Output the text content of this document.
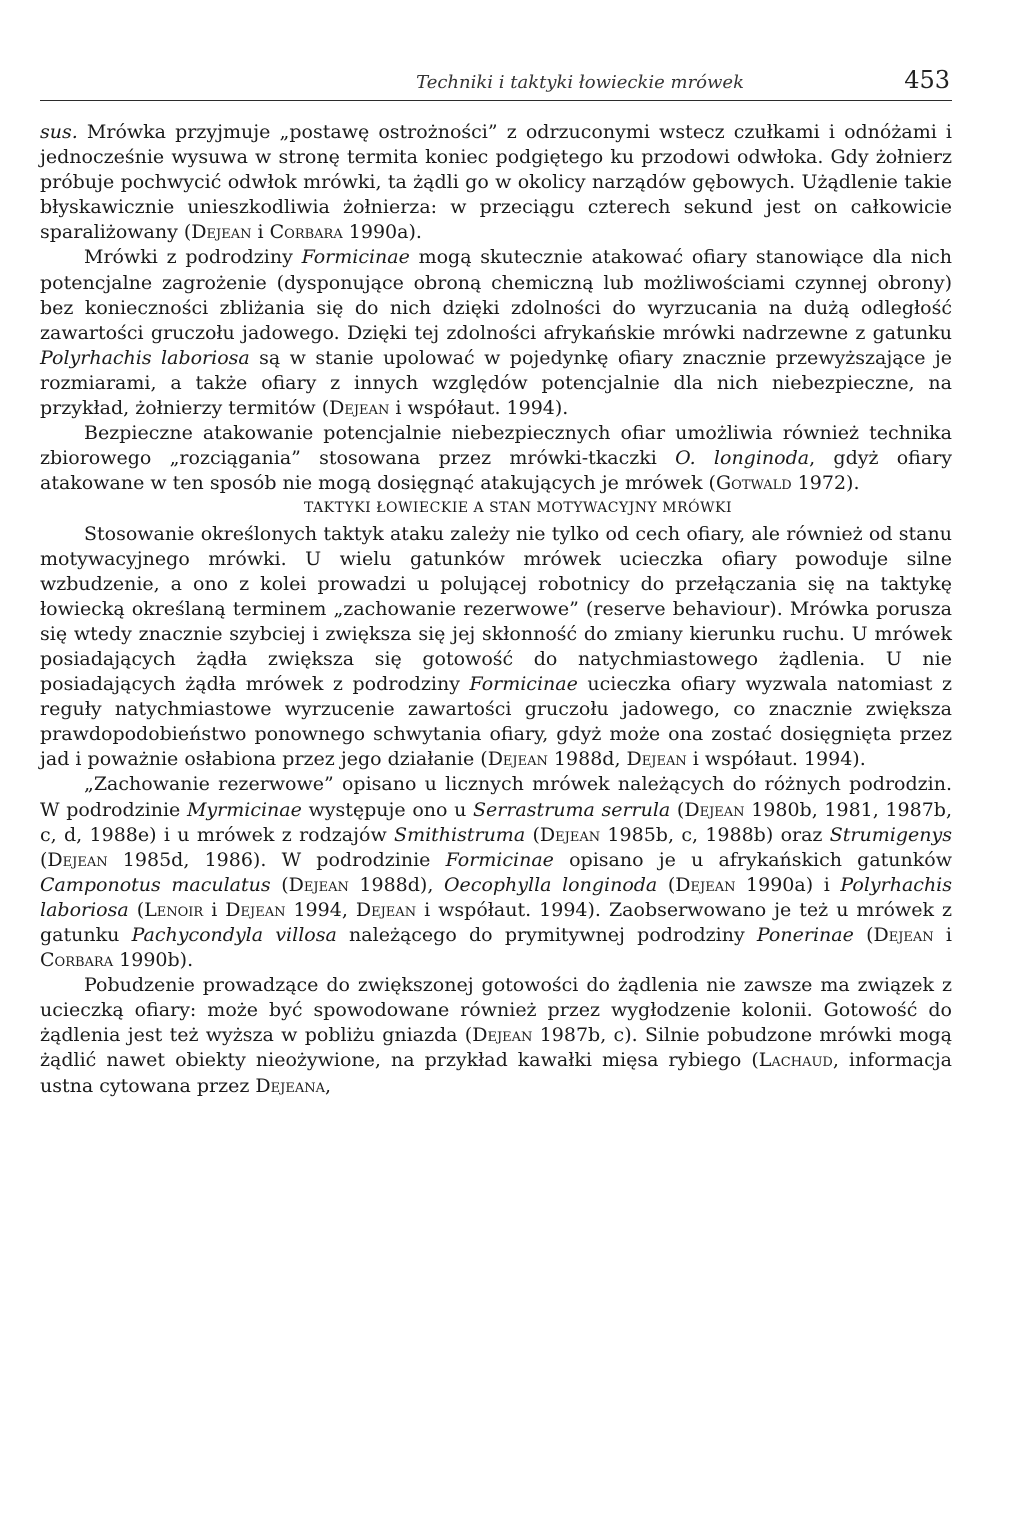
Techniki i taktyki łowieckie mrówek	453

sus. Mrówka przyjmuje „postawę ostrożności” z odrzuconymi wstecz czułkami i odnóżami i jednocześnie wysuwa w stronę termita koniec podgiętego ku przodowi odwłoka. Gdy żołnierz próbuje pochwycić odwłok mrówki, ta żądli go w okolicy narządów gębowych. Użądlenie takie błyskawicznie unieszkodliwia żołnierza: w przeciągu czterech sekund jest on całkowicie sparaliżowany (Dejean i Corbara 1990a).

Mrówki z podrodziny Formicinae mogą skutecznie atakować ofiary stanowiące dla nich potencjalne zagrożenie (dysponujące obroną chemiczną lub możliwościami czynnej obrony) bez konieczności zbliżania się do nich dzięki zdolności do wyrzucania na dużą odległość zawartości gruczołu jadowego. Dzięki tej zdolności afrykańskie mrówki nadrzewne z gatunku Polyrhachis laboriosa są w stanie upolować w pojedynkę ofiary znacznie przewyższające je rozmiarami, a także ofiary z innych względów potencjalnie dla nich niebezpieczne, na przykład, żołnierzy termitów (Dejean i współaut. 1994).

Bezpieczne atakowanie potencjalnie niebezpiecznych ofiar umożliwia również technika zbiorowego „rozciągania” stosowana przez mrówki-tkaczki O. longinoda, gdyż ofiary atakowane w ten sposób nie mogą dosięgnąć atakujących je mrówek (Gotwald 1972).

TAKTYKI ŁOWIECKIE A STAN MOTYWACYJNY MRÓWKI

Stosowanie określonych taktyk ataku zależy nie tylko od cech ofiary, ale również od stanu motywacyjnego mrówki. U wielu gatunków mrówek ucieczka ofiary powoduje silne wzbudzenie, a ono z kolei prowadzi u polującej robotnicy do przełączania się na taktykę łowiecką określaną terminem „zachowanie rezerwowe” (reserve behaviour). Mrówka porusza się wtedy znacznie szybciej i zwiększa się jej skłonność do zmiany kierunku ruchu. U mrówek posiadających żądła zwiększa się gotowość do natychmiastowego żądlenia. U nie posiadających żądła mrówek z podrodziny Formicinae ucieczka ofiary wyzwala natomiast z reguły natychmiastowe wyrzucenie zawartości gruczołu jadowego, co znacznie zwiększa prawdopodobieństwo ponownego schwytania ofiary, gdyż może ona zostać dosięgnięta przez jad i poważnie osłabiona przez jego działanie (Dejean 1988d, Dejean i współaut. 1994).

„Zachowanie rezerwowe” opisano u licznych mrówek należących do różnych podrodzin. W podrodzinie Myrmicinae występuje ono u Serrastruma serrula (Dejean 1980b, 1981, 1987b, c, d, 1988e) i u mrówek z rodzajów Smithistruma (Dejean 1985b, c, 1988b) oraz Strumigenys (Dejean 1985d, 1986). W podrodzinie Formicinae opisano je u afrykańskich gatunków Camponotus maculatus (Dejean 1988d), Oecophylla longinoda (Dejean 1990a) i Polyrhachis laboriosa (Lenoir i Dejean 1994, Dejean i współaut. 1994). Zaobserwowano je też u mrówek z gatunku Pachycondyla villosa należącego do prymitywnej podrodziny Ponerinae (Dejean i Corbara 1990b).

Pobudzenie prowadzące do zwiększonej gotowości do żądlenia nie zawsze ma związek z ucieczką ofiary: może być spowodowane również przez wygłodzenie kolonii. Gotowość do żądlenia jest też wyższa w pobliżu gniazda (Dejean 1987b, c). Silnie pobudzone mrówki mogą żądlić nawet obiekty nieożywione, na przykład kawałki mięsa rybiego (Lachaud, informacja ustna cytowana przez Dejeana,
